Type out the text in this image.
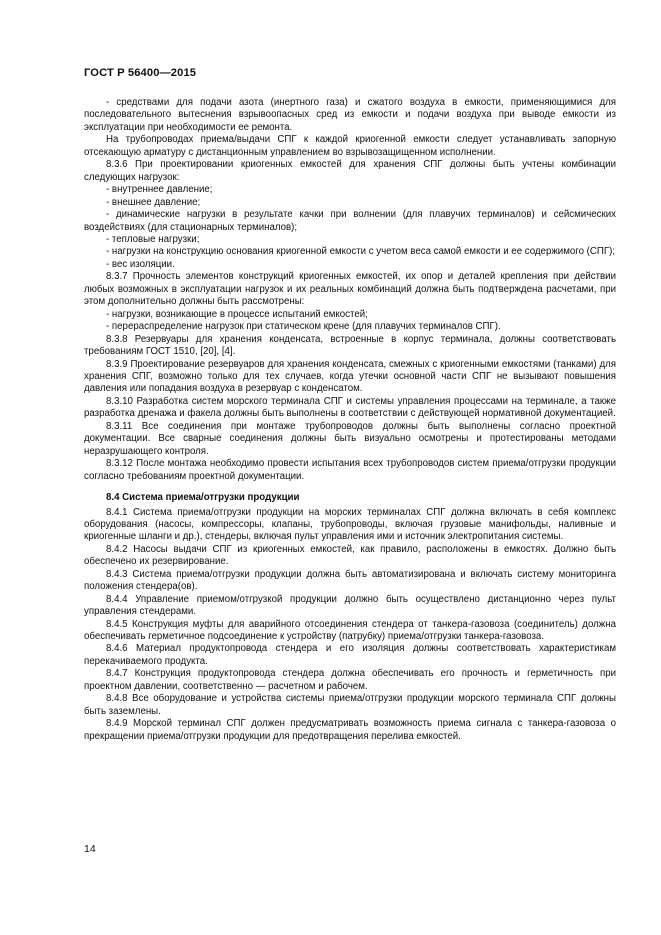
ГОСТ Р 56400—2015

- средствами для подачи азота (инертного газа) и сжатого воздуха в емкости, применяющимися для последовательного вытеснения взрывоопасных сред из емкости и подачи воздуха при выводе емкости из эксплуатации при необходимости ее ремонта.

На трубопроводах приема/выдачи СПГ к каждой криогенной емкости следует устанавливать запорную отсекающую арматуру с дистанционным управлением во взрывозащищенном исполнении.

8.3.6 При проектировании криогенных емкостей для хранения СПГ должны быть учтены комбинации следующих нагрузок:

- внутреннее давление;

- внешнее давление;

- динамические нагрузки в результате качки при волнении (для плавучих терминалов) и сейсмических воздействиях (для стационарных терминалов);

- тепловые нагрузки;

- нагрузки на конструкцию основания криогенной емкости с учетом веса самой емкости и ее содержимого (СПГ);

- вес изоляции.

8.3.7 Прочность элементов конструкций криогенных емкостей, их опор и деталей крепления при действии любых возможных в эксплуатации нагрузок и их реальных комбинаций должна быть подтверждена расчетами, при этом дополнительно должны быть рассмотрены:

- нагрузки, возникающие в процессе испытаний емкостей;

- перераспределение нагрузок при статическом крене (для плавучих терминалов СПГ).

8.3.8 Резервуары для хранения конденсата, встроенные в корпус терминала, должны соответствовать требованиям ГОСТ 1510, [20], [4].

8.3.9 Проектирование резервуаров для хранения конденсата, смежных с криогенными емкостями (танками) для хранения СПГ, возможно только для тех случаев, когда утечки основной части СПГ не вызывают повышения давления или попадания воздуха в резервуар с конденсатом.

8.3.10 Разработка систем морского терминала СПГ и системы управления процессами на терминале, а также разработка дренажа и факела должны быть выполнены в соответствии с действующей нормативной документацией.

8.3.11 Все соединения при монтаже трубопроводов должны быть выполнены согласно проектной документации. Все сварные соединения должны быть визуально осмотрены и протестированы методами неразрушающего контроля.

8.3.12 После монтажа необходимо провести испытания всех трубопроводов систем приема/отгрузки продукции согласно требованиям проектной документации.

8.4 Система приема/отгрузки продукции

8.4.1 Система приема/отгрузки продукции на морских терминалах СПГ должна включать в себя комплекс оборудования (насосы, компрессоры, клапаны, трубопроводы, включая грузовые манифольды, наливные и криогенные шланги и др.), стендеры, включая пульт управления ими и источник электропитания системы.

8.4.2 Насосы выдачи СПГ из криогенных емкостей, как правило, расположены в емкостях. Должно быть обеспечено их резервирование.

8.4.3 Система приема/отгрузки продукции должна быть автоматизирована и включать систему мониторинга положения стендера(ов).

8.4.4 Управление приемом/отгрузкой продукции должно быть осуществлено дистанционно через пульт управления стендерами.

8.4.5 Конструкция муфты для аварийного отсоединения стендера от танкера-газовоза (соединитель) должна обеспечивать герметичное подсоединение к устройству (патрубку) приема/отгрузки танкера-газовоза.

8.4.6 Материал продуктопровода стендера и его изоляция должны соответствовать характеристикам перекачиваемого продукта.

8.4.7 Конструкция продуктопровода стендера должна обеспечивать его прочность и герметичность при проектном давлении, соответственно — расчетном и рабочем.

8.4.8 Все оборудование и устройства системы приема/отгрузки продукции морского терминала СПГ должны быть заземлены.

8.4.9 Морской терминал СПГ должен предусматривать возможность приема сигнала с танкера-газовоза о прекращении приема/отгрузки продукции для предотвращения перелива емкостей.

14
